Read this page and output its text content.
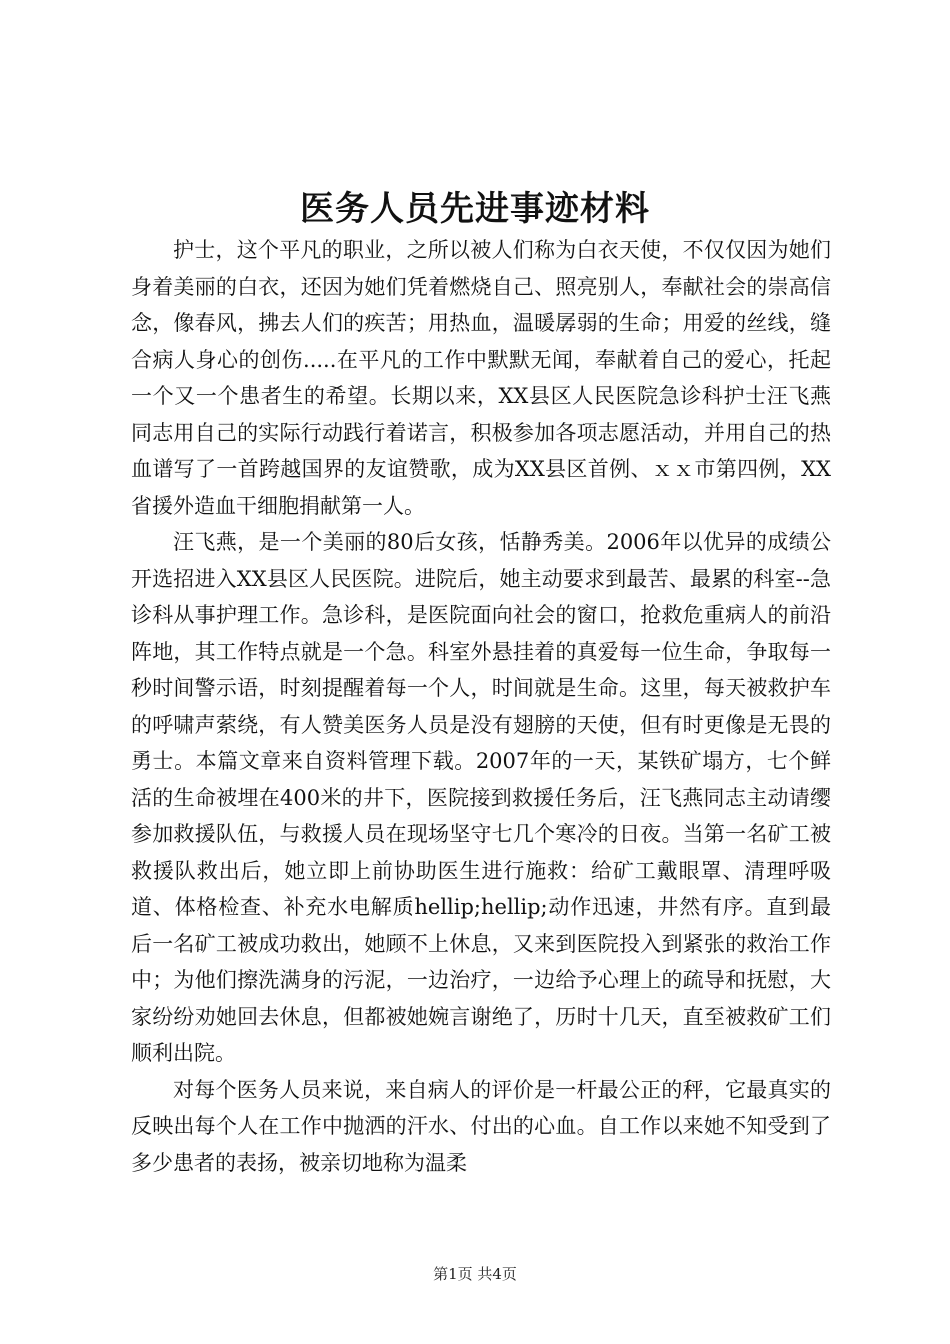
医务人员先进事迹材料

护士，这个平凡的职业，之所以被人们称为白衣天使，不仅仅因为她们身着美丽的白衣，还因为她们凭着燃烧自己、照亮别人，奉献社会的崇高信念，像春风，拂去人们的疾苦；用热血，温暖孱弱的生命；用爱的丝线，缝合病人身心的创伤.....在平凡的工作中默默无闻，奉献着自己的爱心，托起一个又一个患者生的希望。长期以来，XX县区人民医院急诊科护士汪飞燕同志用自己的实际行动践行着诺言，积极参加各项志愿活动，并用自己的热血谱写了一首跨越国界的友谊赞歌，成为XX县区首例、ｘｘ市第四例，XX省援外造血干细胞捐献第一人。

汪飞燕，是一个美丽的80后女孩，恬静秀美。2006年以优异的成绩公开选招进入XX县区人民医院。进院后，她主动要求到最苦、最累的科室--急诊科从事护理工作。急诊科，是医院面向社会的窗口，抢救危重病人的前沿阵地，其工作特点就是一个急。科室外悬挂着的真爱每一位生命，争取每一秒时间警示语，时刻提醒着每一个人，时间就是生命。这里，每天被救护车的呼啸声萦绕，有人赞美医务人员是没有翅膀的天使，但有时更像是无畏的勇士。本篇文章来自资料管理下载。2007年的一天，某铁矿塌方，七个鲜活的生命被埋在400米的井下，医院接到救援任务后，汪飞燕同志主动请缨参加救援队伍，与救援人员在现场坚守七几个寒冷的日夜。当第一名矿工被救援队救出后，她立即上前协助医生进行施救：给矿工戴眼罩、清理呼吸道、体格检查、补充水电解质hellip;hellip;动作迅速，井然有序。直到最后一名矿工被成功救出，她顾不上休息，又来到医院投入到紧张的救治工作中；为他们擦洗满身的污泥，一边治疗，一边给予心理上的疏导和抚慰，大家纷纷劝她回去休息，但都被她婉言谢绝了，历时十几天，直至被救矿工们顺利出院。

对每个医务人员来说，来自病人的评价是一杆最公正的秤，它最真实的反映出每个人在工作中抛洒的汗水、付出的心血。自工作以来她不知受到了多少患者的表扬，被亲切地称为温柔

第1页 共4页
